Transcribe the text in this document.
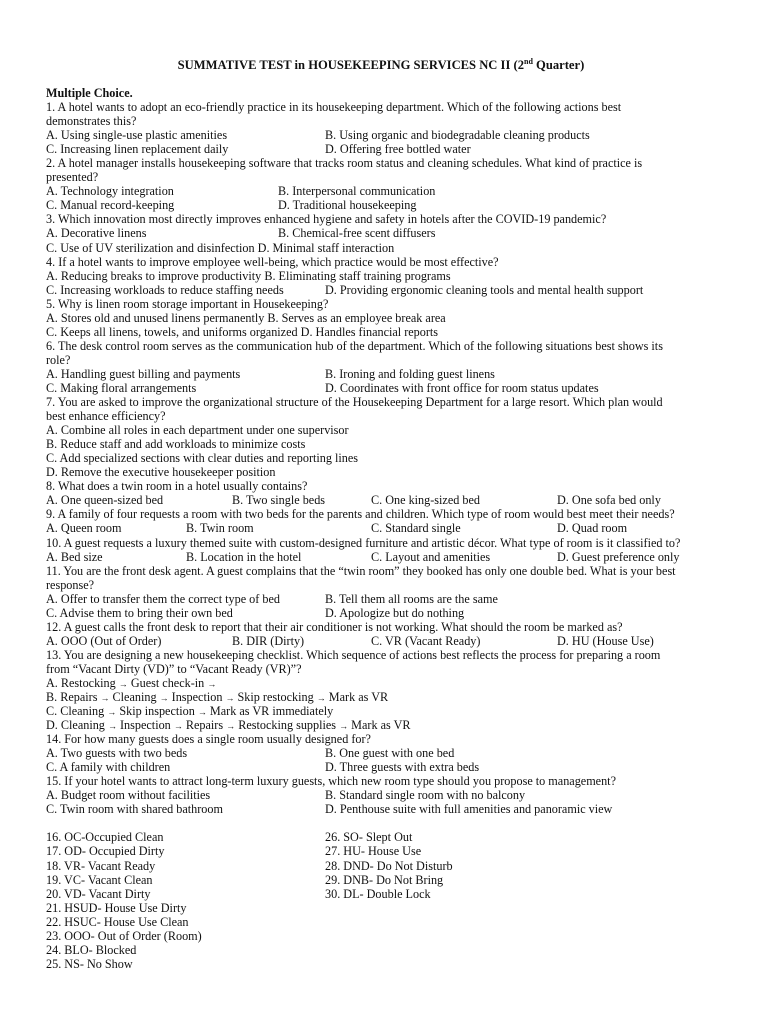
SUMMATIVE TEST in HOUSEKEEPING SERVICES NC II (2nd Quarter)
Multiple Choice.
1. A hotel wants to adopt an eco-friendly practice in its housekeeping department. Which of the following actions best
demonstrates this?
A. Using single-use plastic amenities	B. Using organic and biodegradable cleaning products
C. Increasing linen replacement daily	D. Offering free bottled water
2. A hotel manager installs housekeeping software that tracks room status and cleaning schedules. What kind of practice is
presented?
A. Technology integration	B. Interpersonal communication
C. Manual record-keeping	D. Traditional housekeeping
3. Which innovation most directly improves enhanced hygiene and safety in hotels after the COVID-19 pandemic?
A. Decorative linens	B. Chemical-free scent diffusers
C. Use of UV sterilization and disinfection D. Minimal staff interaction
4. If a hotel wants to improve employee well-being, which practice would be most effective?
A. Reducing breaks to improve productivity B. Eliminating staff training programs
C. Increasing workloads to reduce staffing needs	D. Providing ergonomic cleaning tools and mental health support
5. Why is linen room storage important in Housekeeping?
A. Stores old and unused linens permanently B. Serves as an employee break area
C. Keeps all linens, towels, and uniforms organized D. Handles financial reports
6. The desk control room serves as the communication hub of the department. Which of the following situations best shows its
role?
A. Handling guest billing and payments	B. Ironing and folding guest linens
C. Making floral arrangements	D. Coordinates with front office for room status updates
7. You are asked to improve the organizational structure of the Housekeeping Department for a large resort. Which plan would
best enhance efficiency?
A. Combine all roles in each department under one supervisor
B. Reduce staff and add workloads to minimize costs
C. Add specialized sections with clear duties and reporting lines
D. Remove the executive housekeeper position
8. What does a twin room in a hotel usually contains?
A. One queen-sized bed	B. Two single beds	C. One king-sized bed	D. One sofa bed only
9. A family of four requests a room with two beds for the parents and children. Which type of room would best meet their needs?
A. Queen room	B. Twin room	C. Standard single	D. Quad room
10. A guest requests a luxury themed suite with custom-designed furniture and artistic décor. What type of room is it classified to?
A. Bed size	B. Location in the hotel	C. Layout and amenities	D. Guest preference only
11. You are the front desk agent. A guest complains that the “twin room” they booked has only one double bed. What is your best
response?
A. Offer to transfer them the correct type of bed	B. Tell them all rooms are the same
C. Advise them to bring their own bed	D. Apologize but do nothing
12. A guest calls the front desk to report that their air conditioner is not working. What should the room be marked as?
A. OOO (Out of Order)	B. DIR (Dirty)	C. VR (Vacant Ready)	D. HU (House Use)
13. You are designing a new housekeeping checklist. Which sequence of actions best reflects the process for preparing a room
from “Vacant Dirty (VD)” to “Vacant Ready (VR)”?
A. Restocking → Guest check-in →
B. Repairs → Cleaning → Inspection → Skip restocking → Mark as VR
C. Cleaning → Skip inspection → Mark as VR immediately
D. Cleaning → Inspection → Repairs → Restocking supplies → Mark as VR
14. For how many guests does a single room usually designed for?
A. Two guests with two beds	B. One guest with one bed
C. A family with children	D. Three guests with extra beds
15. If your hotel wants to attract long-term luxury guests, which new room type should you propose to management?
A. Budget room without facilities	B. Standard single room with no balcony
C. Twin room with shared bathroom	D. Penthouse suite with full amenities and panoramic view
16. OC-Occupied Clean
17. OD- Occupied Dirty
18. VR- Vacant Ready
19. VC- Vacant Clean
20. VD- Vacant Dirty
21. HSUD- House Use Dirty
22. HSUC- House Use Clean
23. OOO- Out of Order (Room)
24. BLO- Blocked
25. NS- No Show
26. SO- Slept Out
27. HU- House Use
28. DND- Do Not Disturb
29. DNB- Do Not Bring
30. DL- Double Lock
